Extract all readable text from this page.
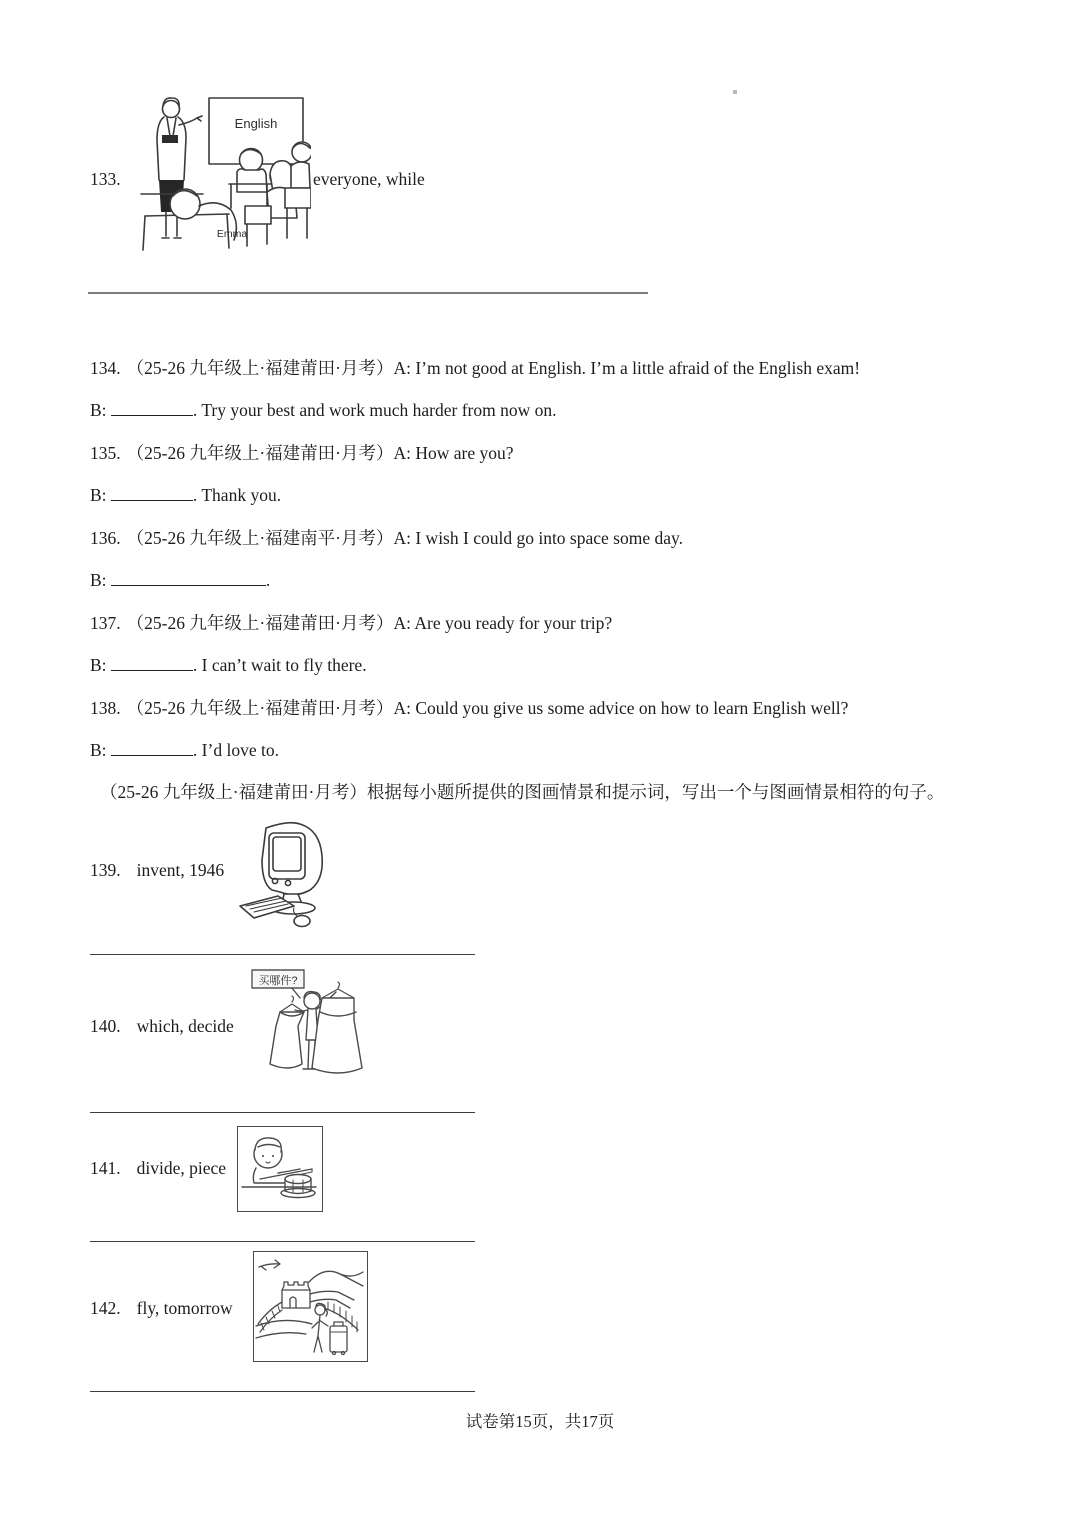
133.
English
Emma
everyone, while
134. （25-26 九年级上·福建莆田·月考）A: I’m not good at English. I’m a little afraid of the English exam!
B:	. Try your best and work much harder from now on.
135. （25-26 九年级上·福建莆田·月考）A: How are you?
B:	. Thank you.
136. （25-26 九年级上·福建南平·月考）A: I wish I could go into space some day.
B:	.
137. （25-26 九年级上·福建莆田·月考）A: Are you ready for your trip?
B:	. I can’t wait to fly there.
138. （25-26 九年级上·福建莆田·月考）A: Could you give us some advice on how to learn English well?
B:	. I’d love to.
（25-26 九年级上·福建莆田·月考）根据每小题所提供的图画情景和提示词，写出一个与图画情景相符的句子。
139. invent, 1946
140. which, decide
买哪件?
141. divide, piece
142. fly, tomorrow
试卷第15页，共17页
